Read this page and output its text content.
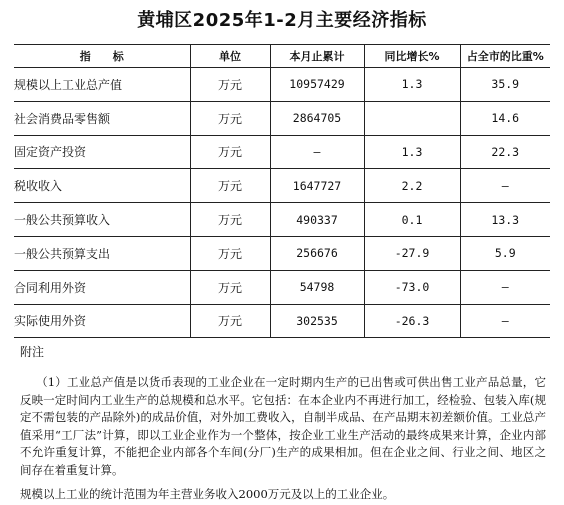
黄埔区2025年1-2月主要经济指标
指　　标	单位	本月止累计	同比增长%	占全市的比重%
规模以上工业总产值	万元	10957429	1.3	35.9
社会消费品零售额	万元	2864705		14.6
固定资产投资	万元	—	1.3	22.3
税收收入	万元	1647727	2.2	—
一般公共预算收入	万元	490337	0.1	13.3
一般公共预算支出	万元	256676	-27.9	5.9
合同利用外资	万元	54798	-73.0	—
实际使用外资	万元	302535	-26.3	—
附注				

（1）工业总产值是以货币表现的工业企业在一定时期内生产的已出售或可供出售工业产品总量，它反映一定时间内工业生产的总规模和总水平。它包括：在本企业内不再进行加工，经检验、包装入库(规定不需包装的产品除外)的成品价值，对外加工费收入，自制半成品、在产品期末初差额价值。工业总产值采用“工厂法”计算，即以工业企业作为一个整体，按企业工业生产活动的最终成果来计算，企业内部不允许重复计算，不能把企业内部各个车间(分厂)生产的成果相加。但在企业之间、行业之间、地区之间存在着重复计算。

规模以上工业的统计范围为年主营业务收入2000万元及以上的工业企业。
